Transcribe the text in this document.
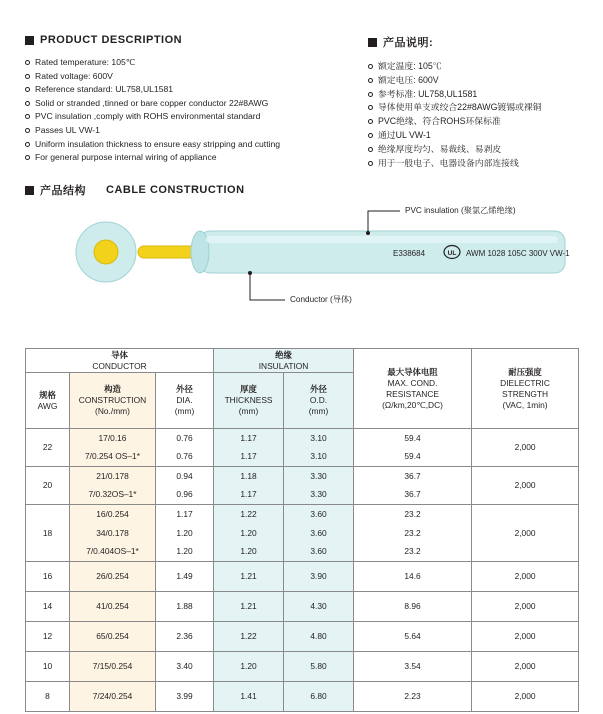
PRODUCT DESCRIPTION
Rated temperature: 105℃
Rated voltage: 600V
Reference standard: UL758,UL1581
Solid or stranded ,tinned or bare copper conductor 22#8AWG
PVC insulation ,comply with ROHS environmental standard
Passes UL VW-1
Uniform insulation thickness to ensure easy stripping and cutting
For general purpose internal wiring of appliance
产品说明:
额定温度: 105℃
额定电压: 600V
参考标准: UL758,UL1581
导体使用单支或绞合22#8AWG镀锡或裸铜
PVC绝缘、符合ROHS环保标准
通过UL VW-1
绝缘厚度均匀、易裁线、易剥皮
用于一般电子、电器设备内部连接线
产品结构 CABLE CONSTRUCTION
E338684	UL AWM 1028 105C 300V VW-1
PVC insulation (聚氯乙烯绝缘)
Conductor (导体)
导体
CONDUCTOR

绝缘
INSULATION

最大导体电阻
MAX. COND.
RESISTANCE
(Ω/km,20℃,DC)

耐压强度
DIELECTRIC
STRENGTH
(VAC, 1min)

规格
AWG

构造
CONSTRUCTION
(No./mm)

外径
DIA.
(mm)

厚度
THICKNESS
(mm)

外径
O.D.
(mm)

22	17/0.16	0.76	1.17	3.10	59.4	2,000
	7/0.254 OS–1*	0.76	1.17	3.10	59.4	
20	21/0.178	0.94	1.18	3.30	36.7	2,000
	7/0.32OS–1*	0.96	1.17	3.30	36.7	
18	16/0.254	1.17	1.22	3.60	23.2	2,000
	34/0.178	1.20	1.20	3.60	23.2	
	7/0.404OS–1*	1.20	1.20	3.60	23.2	
16	26/0.254	1.49	1.21	3.90	14.6	2,000
14	41/0.254	1.88	1.21	4.30	8.96	2,000
12	65/0.254	2.36	1.22	4.80	5.64	2,000
10	7/15/0.254	3.40	1.20	5.80	3.54	2,000
8	7/24/0.254	3.99	1.41	6.80	2.23	2,000
